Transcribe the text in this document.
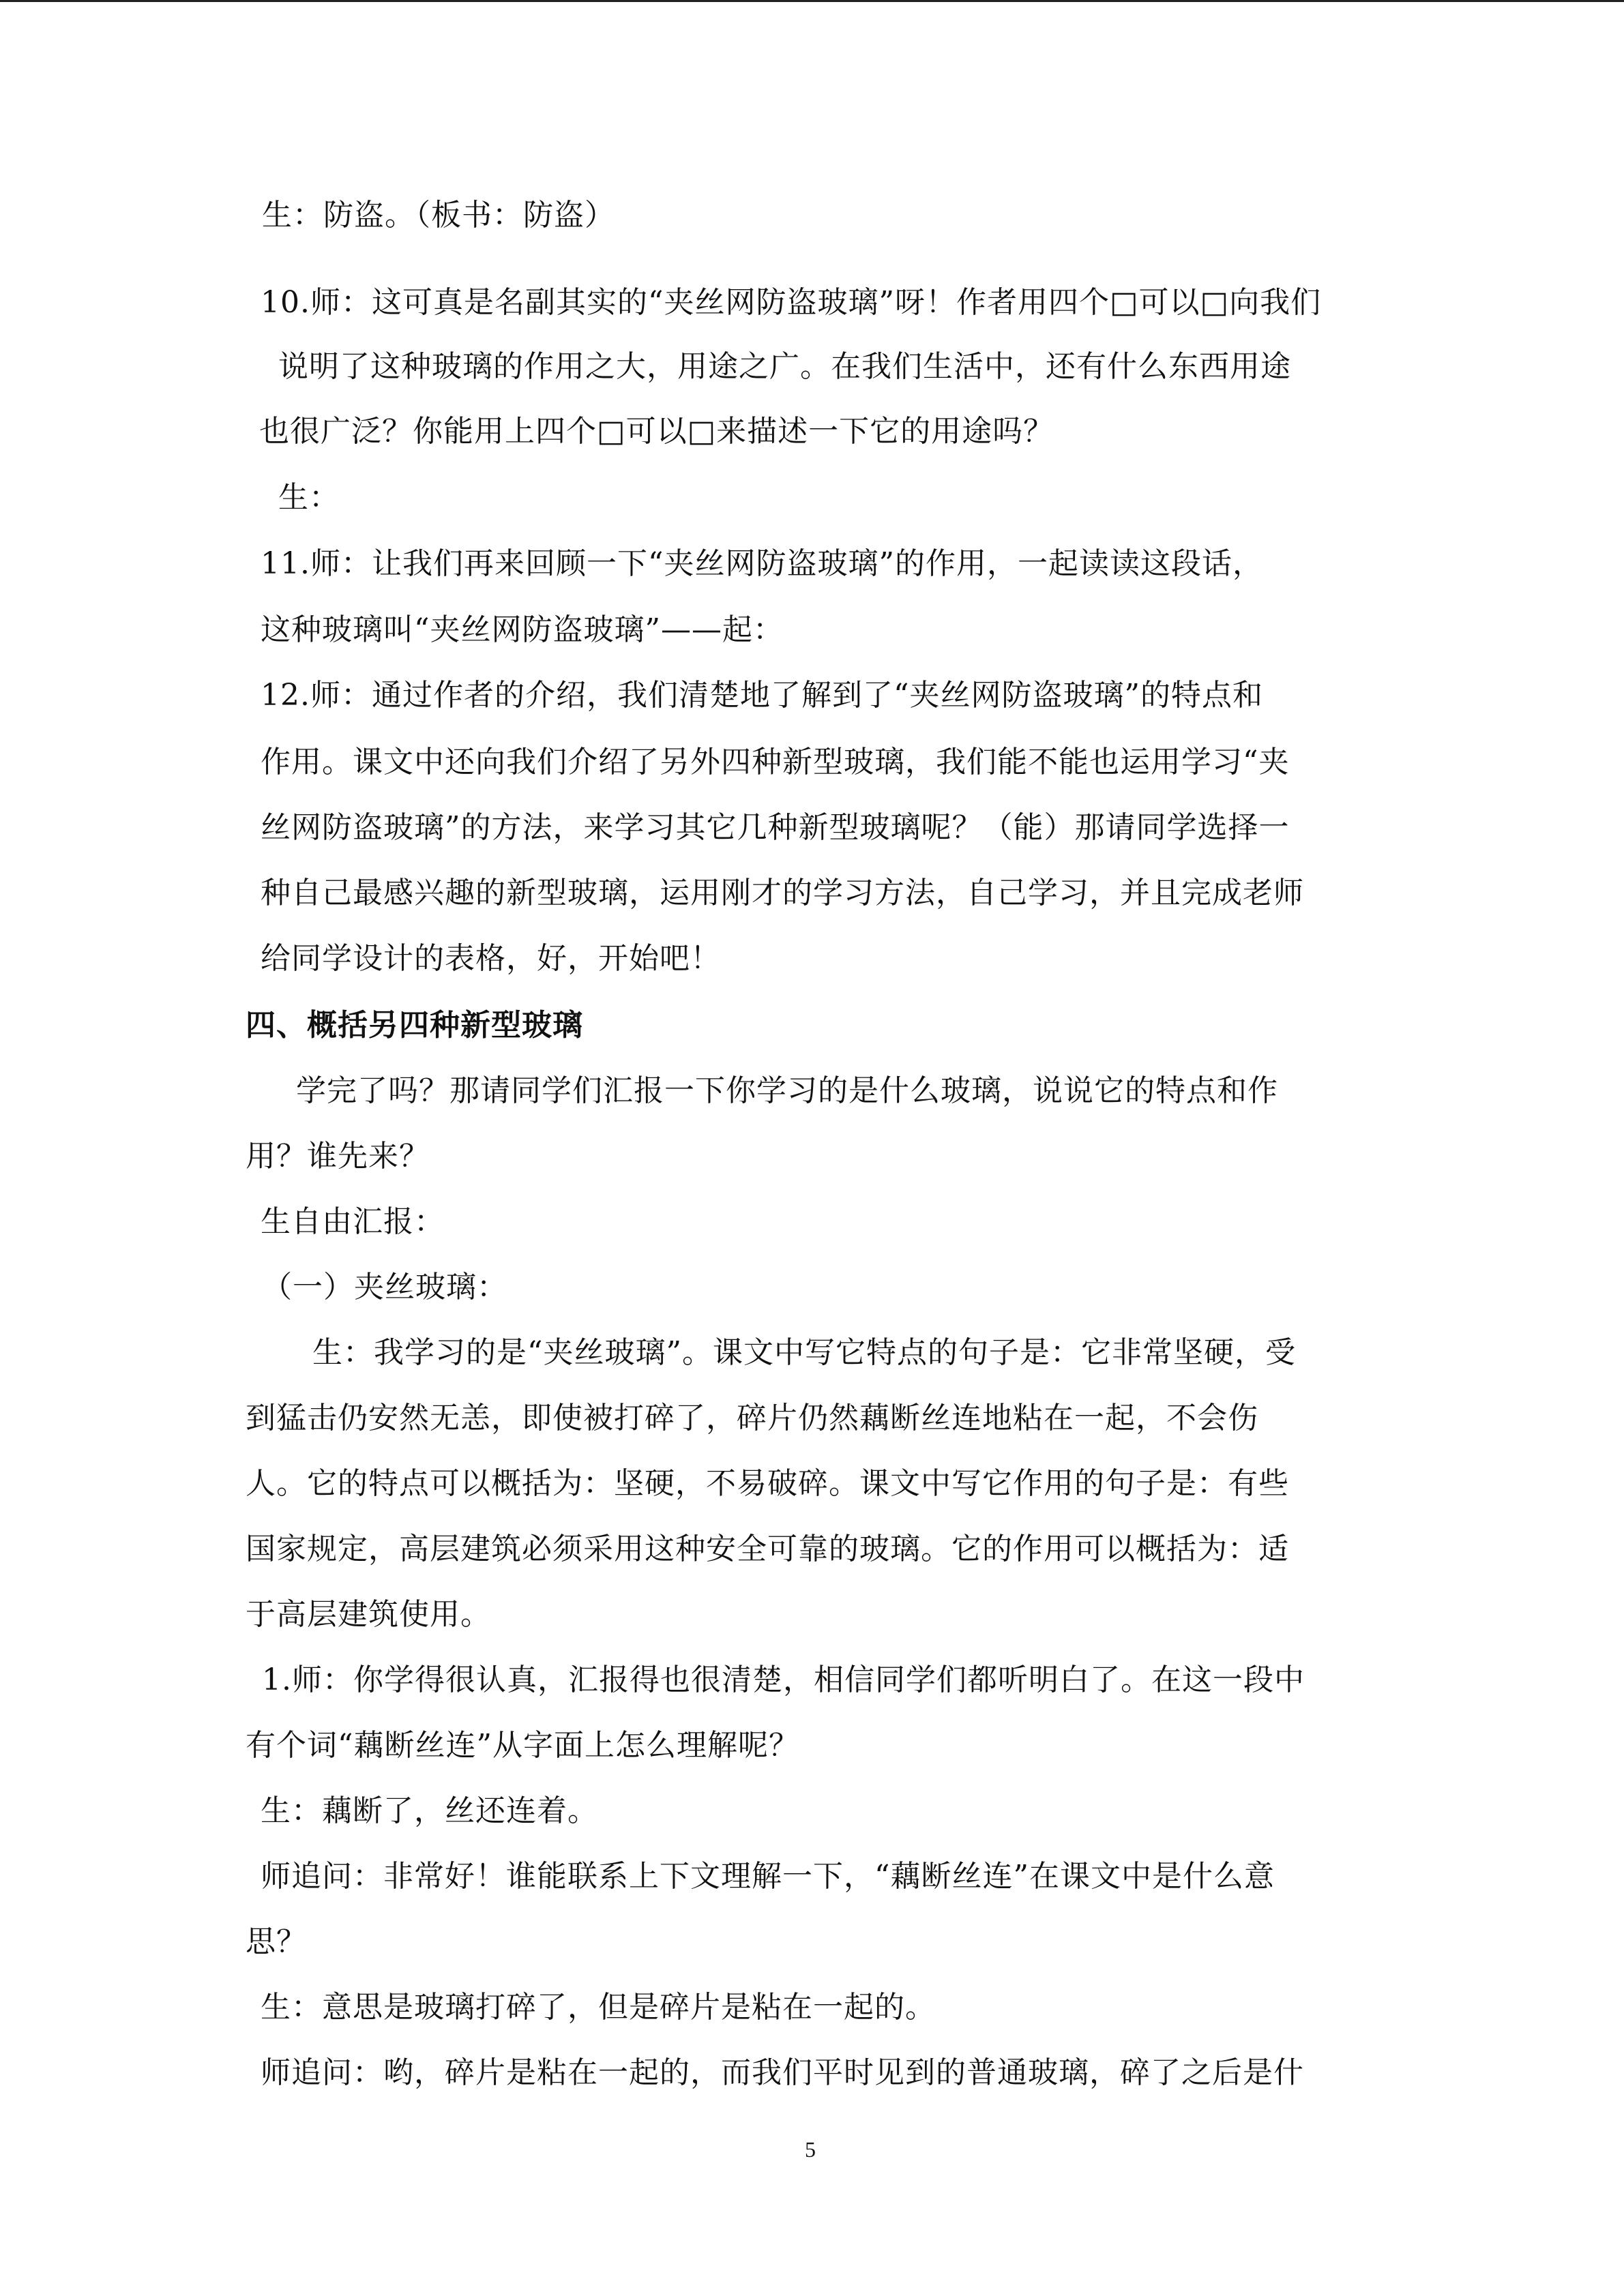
生：防盗。（板书：防盗）
10.师：这可真是名副其实的“夹丝网防盗玻璃”呀！作者用四个□可以□向我们
说明了这种玻璃的作用之大，用途之广。在我们生活中，还有什么东西用途
也很广泛？你能用上四个□可以□来描述一下它的用途吗？
生：
11.师：让我们再来回顾一下“夹丝网防盗玻璃”的作用，一起读读这段话，
这种玻璃叫“夹丝网防盗玻璃”——起：
12.师：通过作者的介绍，我们清楚地了解到了“夹丝网防盗玻璃”的特点和
作用。课文中还向我们介绍了另外四种新型玻璃，我们能不能也运用学习“夹
丝网防盗玻璃”的方法，来学习其它几种新型玻璃呢？（能）那请同学选择一
种自己最感兴趣的新型玻璃，运用刚才的学习方法，自己学习，并且完成老师
给同学设计的表格，好，开始吧！
四、概括另四种新型玻璃
学完了吗？那请同学们汇报一下你学习的是什么玻璃，说说它的特点和作
用？谁先来？
生自由汇报：
（一）夹丝玻璃：
生：我学习的是“夹丝玻璃”。课文中写它特点的句子是：它非常坚硬，受
到猛击仍安然无恙，即使被打碎了，碎片仍然藕断丝连地粘在一起，不会伤
人。它的特点可以概括为：坚硬，不易破碎。课文中写它作用的句子是：有些
国家规定，高层建筑必须采用这种安全可靠的玻璃。它的作用可以概括为：适
于高层建筑使用。
1.师：你学得很认真，汇报得也很清楚，相信同学们都听明白了。在这一段中
有个词“藕断丝连”从字面上怎么理解呢？
生：藕断了，丝还连着。
师追问：非常好！谁能联系上下文理解一下，“藕断丝连”在课文中是什么意
思？
生：意思是玻璃打碎了，但是碎片是粘在一起的。
师追问：哟，碎片是粘在一起的，而我们平时见到的普通玻璃，碎了之后是什
5
